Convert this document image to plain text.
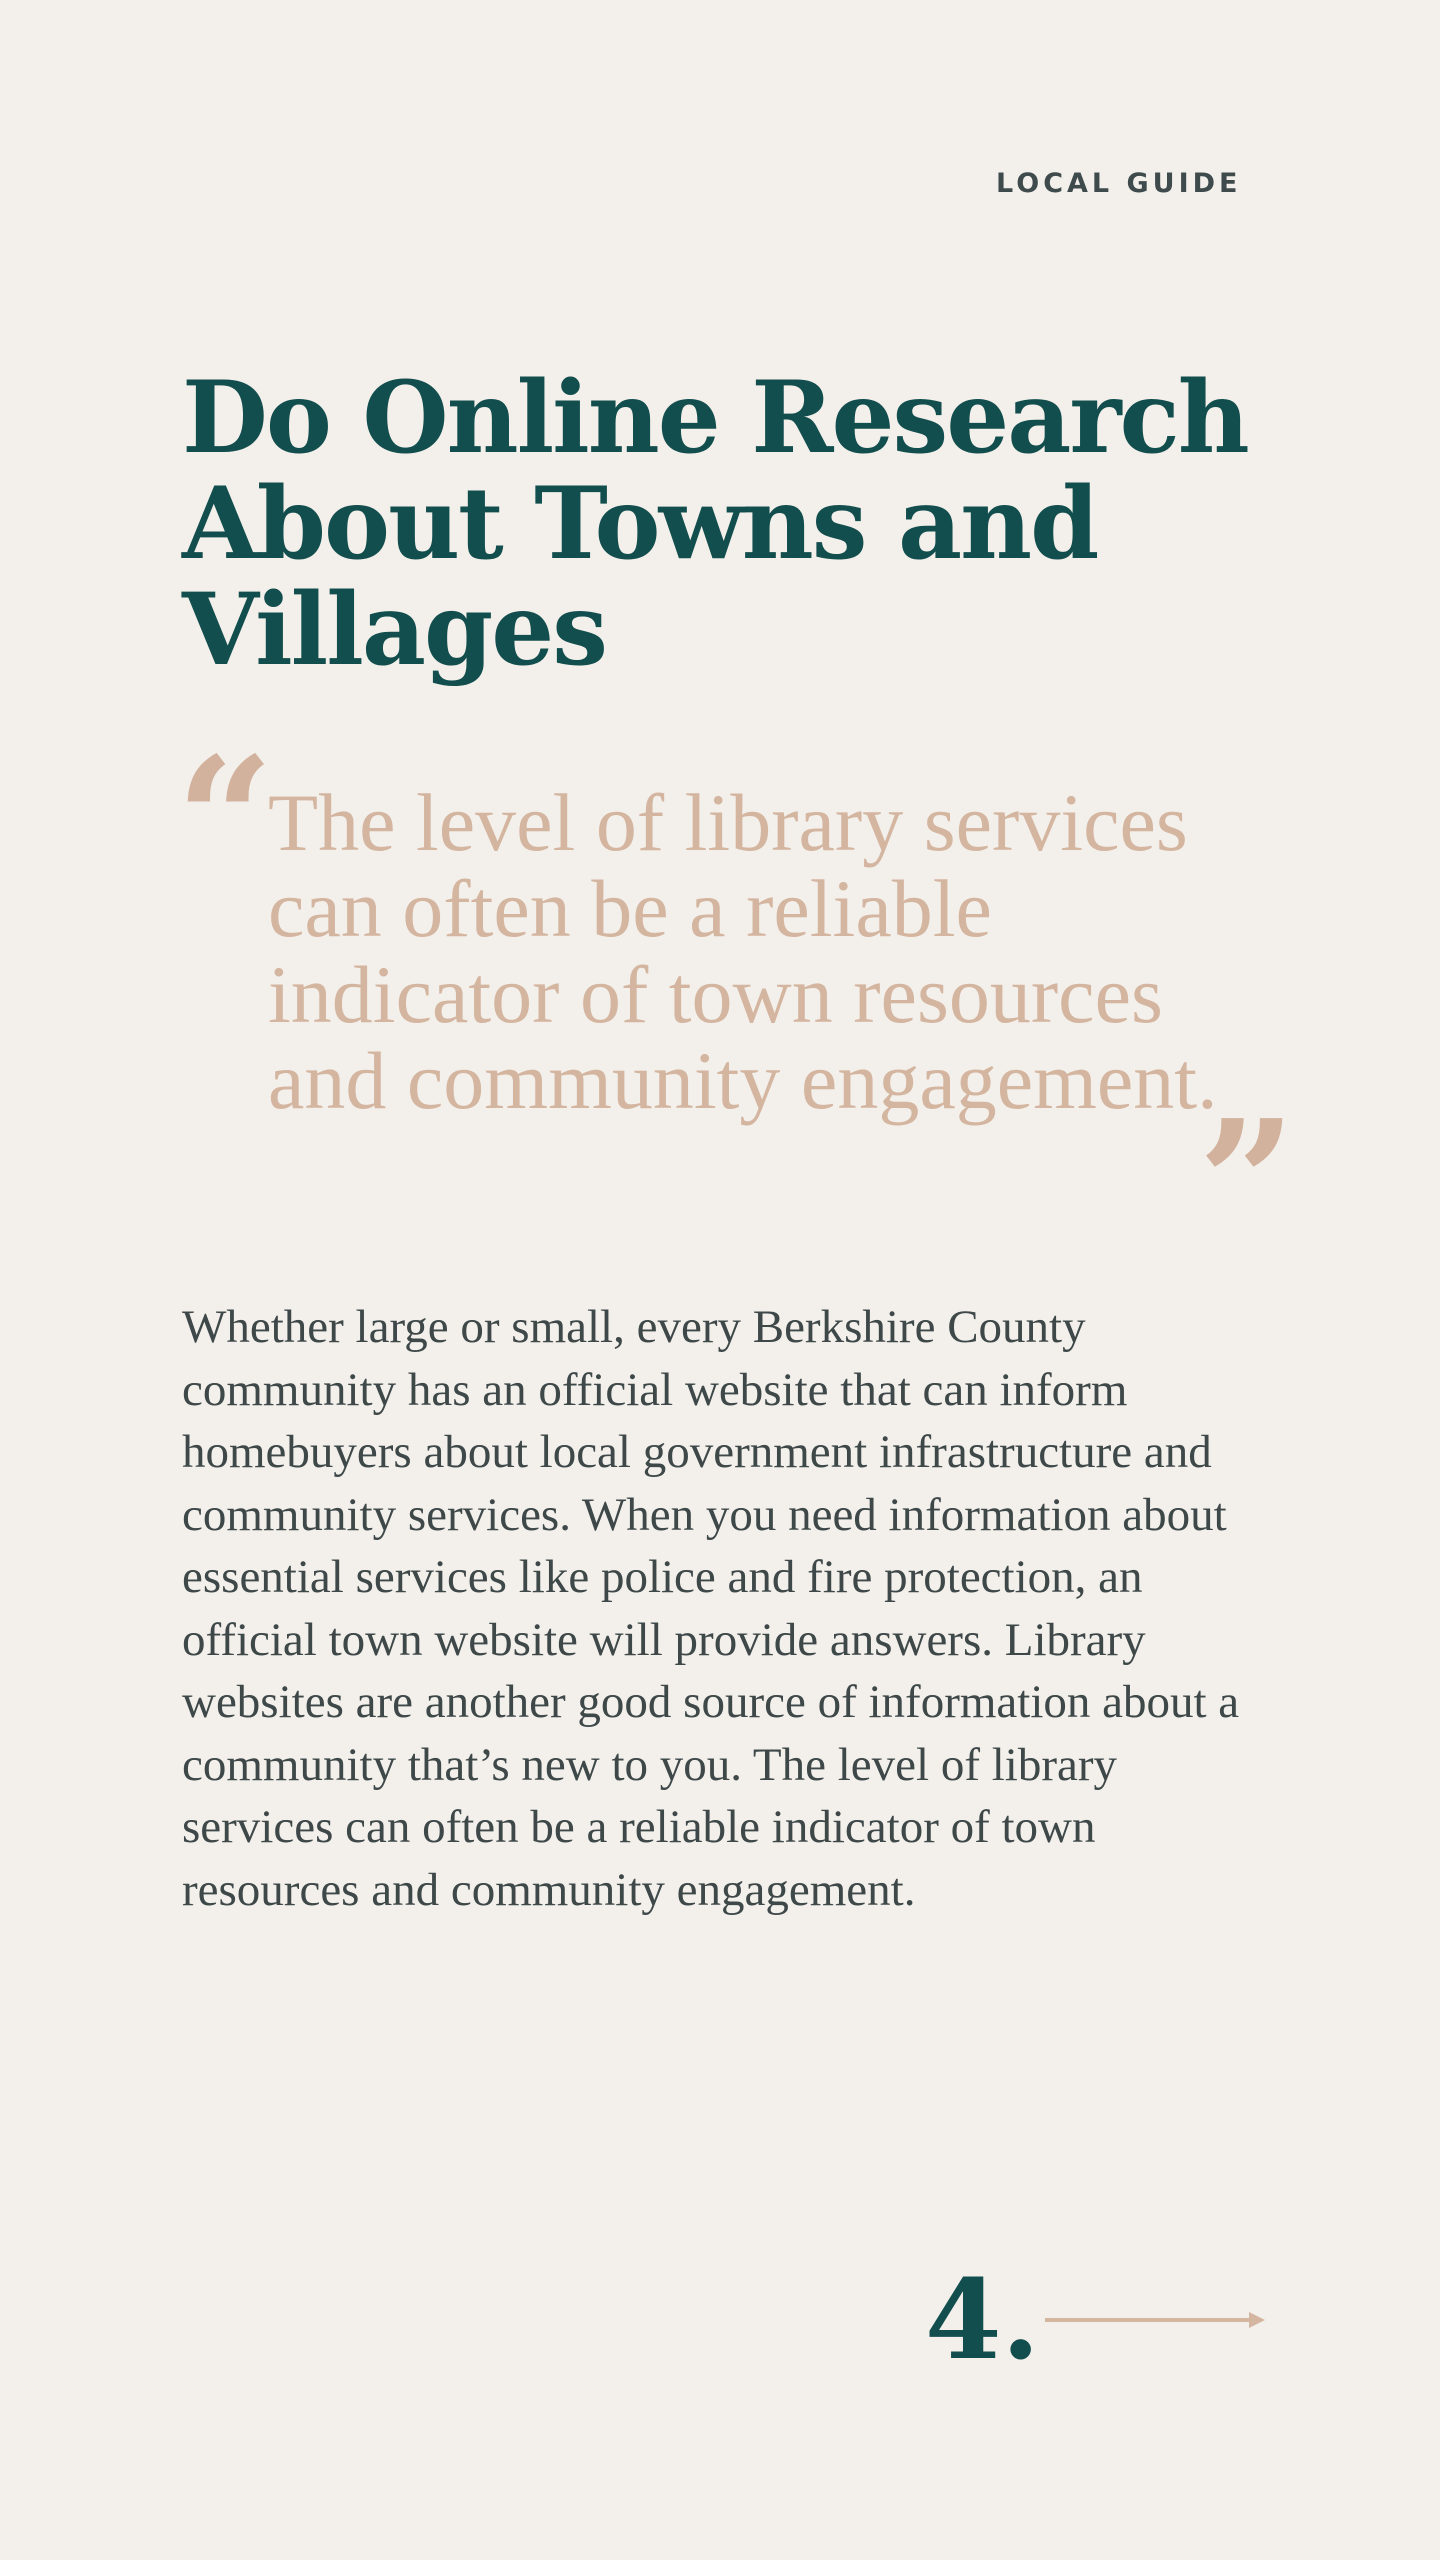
LOCAL GUIDE
Do Online Research About Towns and Villages
“

The level of library services can often be a reliable indicator of town resources and community engagement.

”

Whether large or small, every Berkshire County community has an official website that can inform homebuyers about local government infrastructure and community services. When you need information about essential services like police and fire protection, an official town website will provide answers. Library websites are another good source of information about a community that’s new to you. The level of library services can often be a reliable indicator of town resources and community engagement.

4.
